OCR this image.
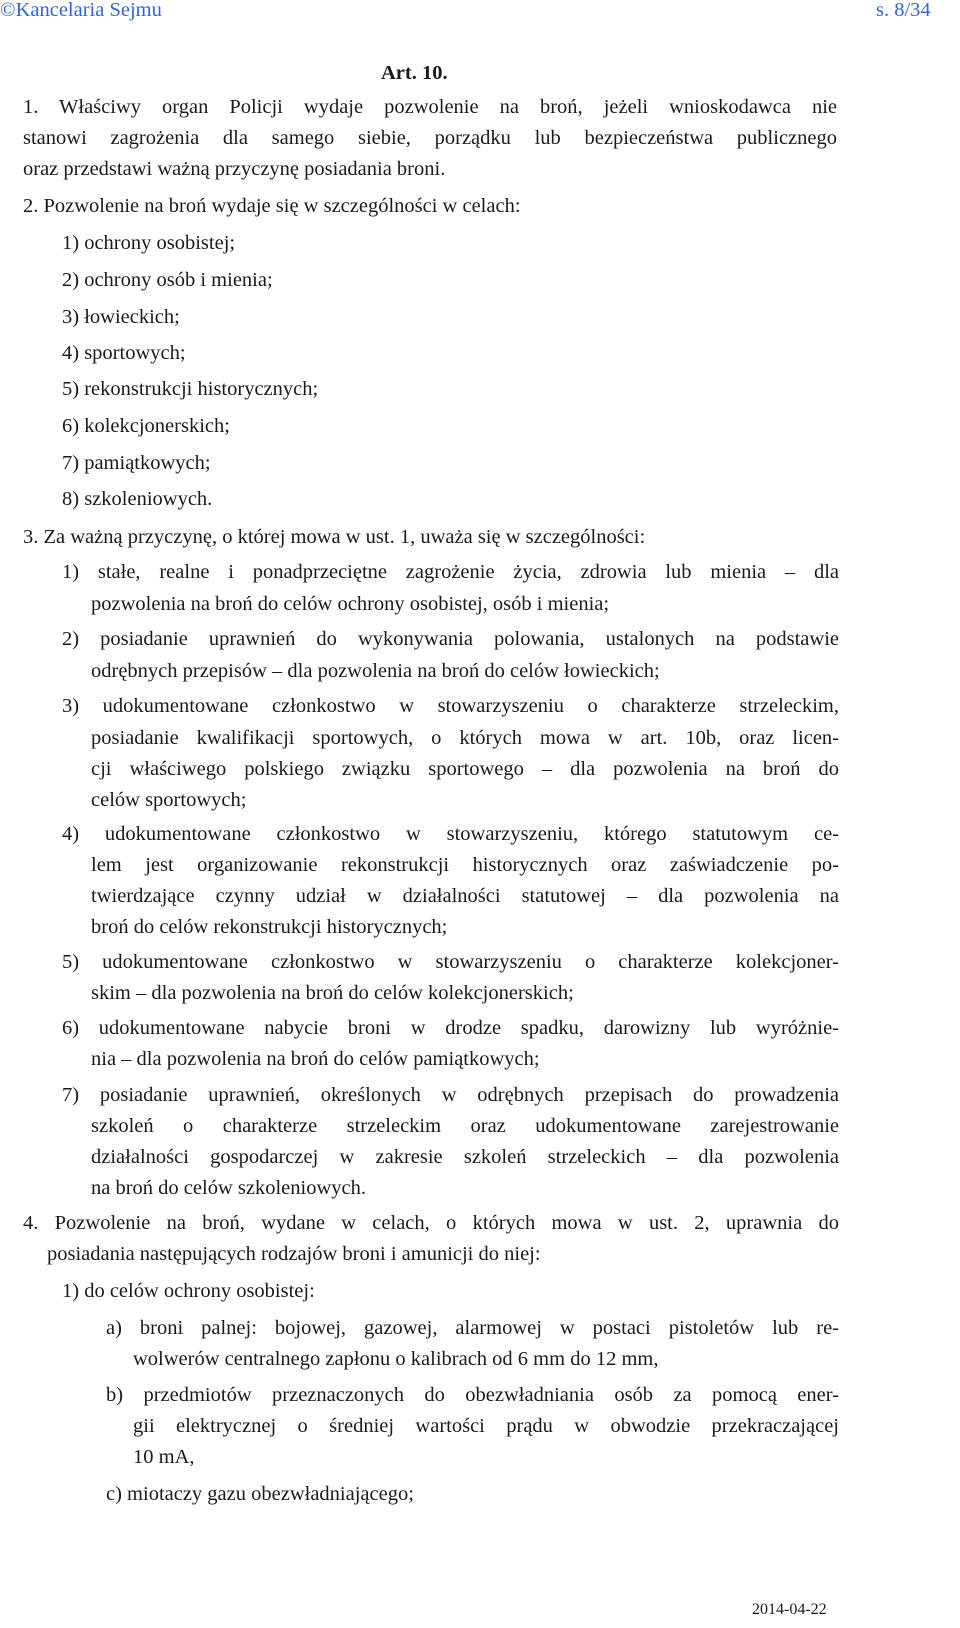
©Kancelaria Sejmu	s. 8/34
Art. 10.
1. Właściwy organ Policji wydaje pozwolenie na broń, jeżeli wnioskodawca nie
stanowi zagrożenia dla samego siebie, porządku lub bezpieczeństwa publicznego
oraz przedstawi ważną przyczynę posiadania broni.
2. Pozwolenie na broń wydaje się w szczególności w celach:
1) ochrony osobistej;
2) ochrony osób i mienia;
3) łowieckich;
4) sportowych;
5) rekonstrukcji historycznych;
6) kolekcjonerskich;
7) pamiątkowych;
8) szkoleniowych.
3. Za ważną przyczynę, o której mowa w ust. 1, uważa się w szczególności:
1) stałe, realne i ponadprzeciętne zagrożenie życia, zdrowia lub mienia – dla
pozwolenia na broń do celów ochrony osobistej, osób i mienia;
2) posiadanie uprawnień do wykonywania polowania, ustalonych na podstawie
odrębnych przepisów – dla pozwolenia na broń do celów łowieckich;
3) udokumentowane członkostwo w stowarzyszeniu o charakterze strzeleckim,
posiadanie kwalifikacji sportowych, o których mowa w art. 10b, oraz licen-
cji właściwego polskiego związku sportowego – dla pozwolenia na broń do
celów sportowych;
4) udokumentowane członkostwo w stowarzyszeniu, którego statutowym ce-
lem jest organizowanie rekonstrukcji historycznych oraz zaświadczenie po-
twierdzające czynny udział w działalności statutowej – dla pozwolenia na
broń do celów rekonstrukcji historycznych;
5) udokumentowane członkostwo w stowarzyszeniu o charakterze kolekcjoner-
skim – dla pozwolenia na broń do celów kolekcjonerskich;
6) udokumentowane nabycie broni w drodze spadku, darowizny lub wyróżnie-
nia – dla pozwolenia na broń do celów pamiątkowych;
7) posiadanie uprawnień, określonych w odrębnych przepisach do prowadzenia
szkoleń o charakterze strzeleckim oraz udokumentowane zarejestrowanie
działalności gospodarczej w zakresie szkoleń strzeleckich – dla pozwolenia
na broń do celów szkoleniowych.
4. Pozwolenie na broń, wydane w celach, o których mowa w ust. 2, uprawnia do
posiadania następujących rodzajów broni i amunicji do niej:
1) do celów ochrony osobistej:
a) broni palnej: bojowej, gazowej, alarmowej w postaci pistoletów lub re-
wolwerów centralnego zapłonu o kalibrach od 6 mm do 12 mm,
b) przedmiotów przeznaczonych do obezwładniania osób za pomocą ener-
gii elektrycznej o średniej wartości prądu w obwodzie przekraczającej
10 mA,
c) miotaczy gazu obezwładniającego;
2014-04-22
